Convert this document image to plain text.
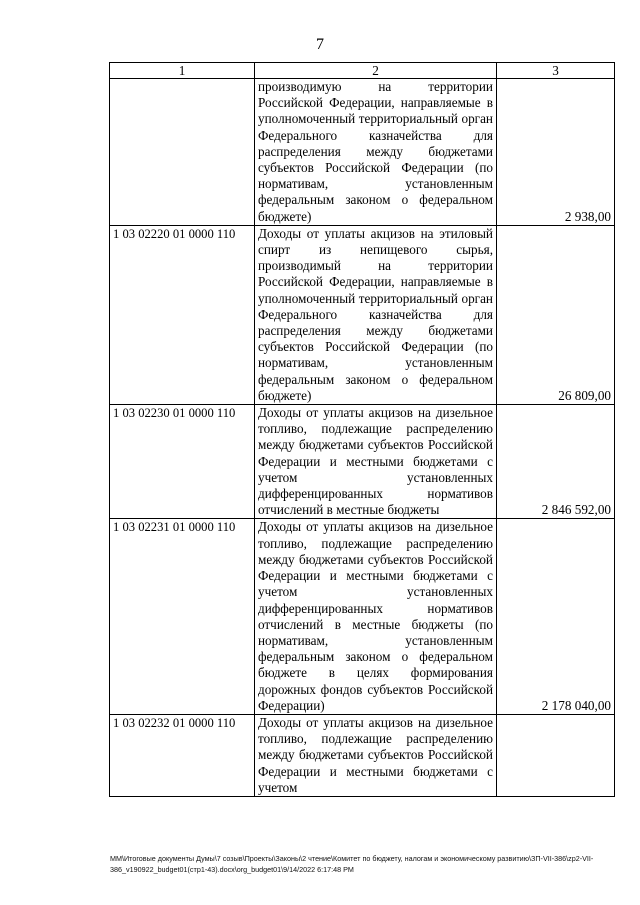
7
1	2	3
	производимую на территории Российской Федерации, направляемые в уполномоченный территориальный орган Федерального казначейства для распределения между бюджетами субъектов Российской Федерации (по нормативам, установленным федеральным законом о федеральном бюджете)	2 938,00
1 03 02220 01 0000 110	Доходы от уплаты акцизов на этиловый спирт из непищевого сырья, производимый на территории Российской Федерации, направляемые в уполномоченный территориальный орган Федерального казначейства для распределения между бюджетами субъектов Российской Федерации (по нормативам, установленным федеральным законом о федеральном бюджете)	26 809,00
1 03 02230 01 0000 110	Доходы от уплаты акцизов на дизельное топливо, подлежащие распределению между бюджетами субъектов Российской Федерации и местными бюджетами с учетом установленных дифференцированных нормативов отчислений в местные бюджеты	2 846 592,00
1 03 02231 01 0000 110	Доходы от уплаты акцизов на дизельное топливо, подлежащие распределению между бюджетами субъектов Российской Федерации и местными бюджетами с учетом установленных дифференцированных нормативов отчислений в местные бюджеты (по нормативам, установленным федеральным законом о федеральном бюджете в целях формирования дорожных фондов субъектов Российской Федерации)	2 178 040,00
1 03 02232 01 0000 110	Доходы от уплаты акцизов на дизельное топливо, подлежащие распределению между бюджетами субъектов Российской Федерации и местными бюджетами с учетом	
MM\Итоговые документы Думы\7 созыв\Проекты\Законы\2 чтение\Комитет по бюджету, налогам и экономическому развитию\ЗП-VII-386\zp2-VII-386_v190922_budget01(стр1-43).docx\org_budget01\9/14/2022 6:17:48 PM
